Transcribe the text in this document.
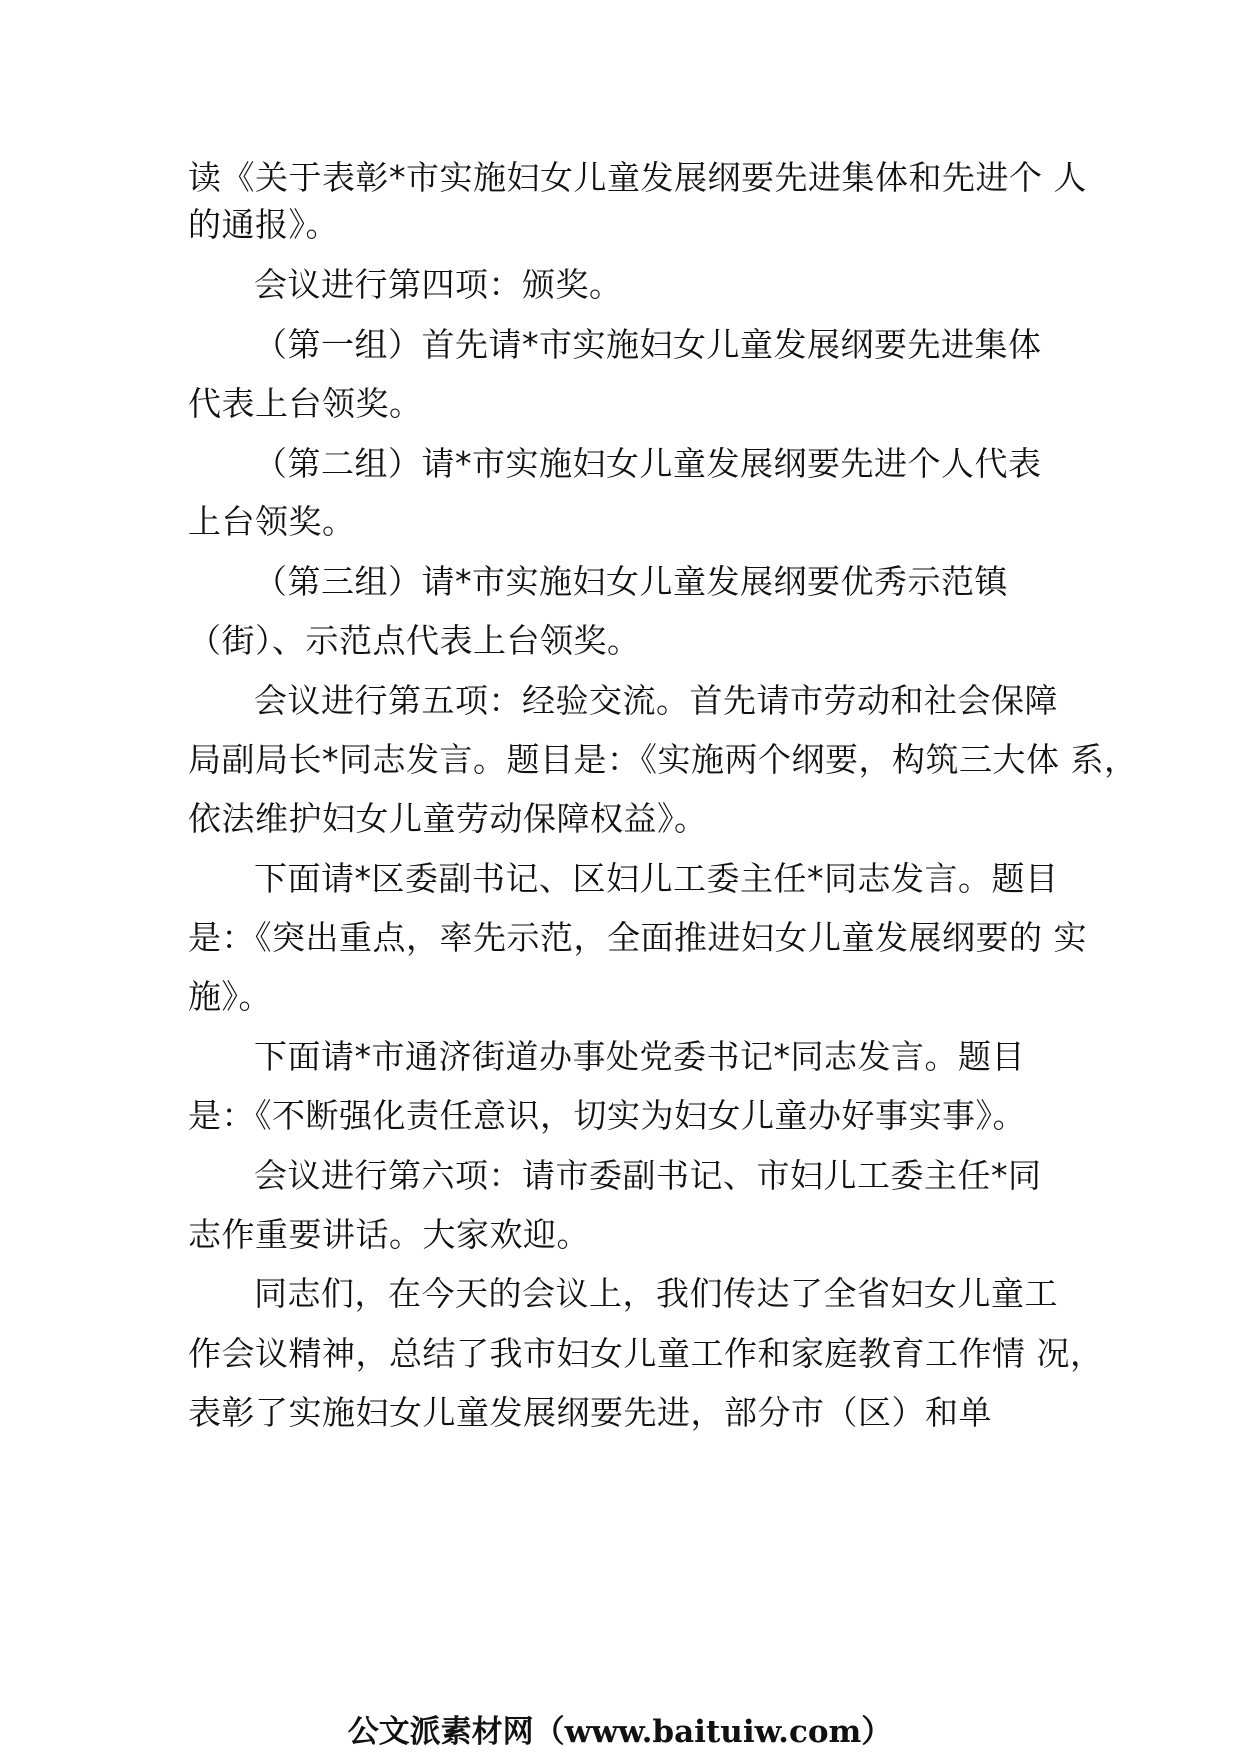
读《关于表彰*市实施妇女儿童发展纲要先进集体和先进个 人
的通报》。
会议进行第四项：颁奖。
（第一组）首先请*市实施妇女儿童发展纲要先进集体
代表上台领奖。
（第二组）请*市实施妇女儿童发展纲要先进个人代表
上台领奖。
（第三组）请*市实施妇女儿童发展纲要优秀示范镇
（街）、示范点代表上台领奖。
会议进行第五项：经验交流。首先请市劳动和社会保障
局副局长*同志发言。题目是：《实施两个纲要，构筑三大体 系，
依法维护妇女儿童劳动保障权益》。
下面请*区委副书记、区妇儿工委主任*同志发言。题目
是：《突出重点，率先示范，全面推进妇女儿童发展纲要的 实
施》。
下面请*市通济街道办事处党委书记*同志发言。题目
是：《不断强化责任意识，切实为妇女儿童办好事实事》。
会议进行第六项：请市委副书记、市妇儿工委主任*同
志作重要讲话。大家欢迎。
同志们，在今天的会议上，我们传达了全省妇女儿童工
作会议精神，总结了我市妇女儿童工作和家庭教育工作情 况，
表彰了实施妇女儿童发展纲要先进，部分市（区）和单
公文派素材网（www.baituiw.com）
